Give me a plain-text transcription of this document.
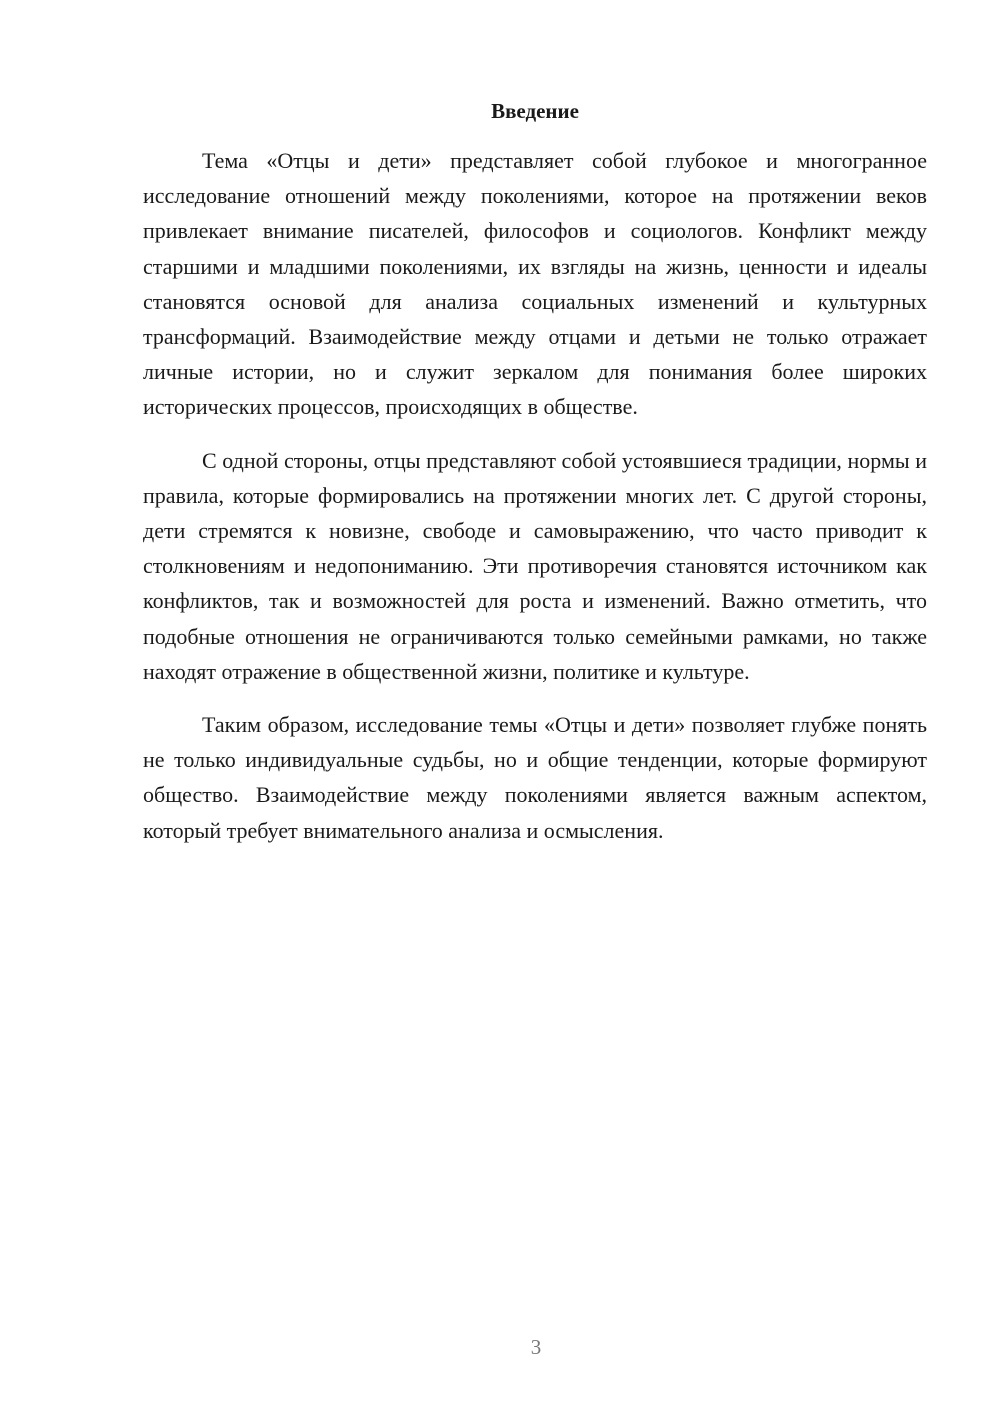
Введение

Тема «Отцы и дети» представляет собой глубокое и многогранное исследование отношений между поколениями, которое на протяжении веков привлекает внимание писателей, философов и социологов. Конфликт между старшими и младшими поколениями, их взгляды на жизнь, ценности и идеалы становятся основой для анализа социальных изменений и культурных трансформаций. Взаимодействие между отцами и детьми не только отражает личные истории, но и служит зеркалом для понимания более широких исторических процессов, происходящих в обществе.

С одной стороны, отцы представляют собой устоявшиеся традиции, нормы и правила, которые формировались на протяжении многих лет. С другой стороны, дети стремятся к новизне, свободе и самовыражению, что часто приводит к столкновениям и недопониманию. Эти противоречия становятся источником как конфликтов, так и возможностей для роста и изменений. Важно отметить, что подобные отношения не ограничиваются только семейными рамками, но также находят отражение в общественной жизни, политике и культуре.

Таким образом, исследование темы «Отцы и дети» позволяет глубже понять не только индивидуальные судьбы, но и общие тенденции, которые формируют общество. Взаимодействие между поколениями является важным аспектом, который требует внимательного анализа и осмысления.

3
